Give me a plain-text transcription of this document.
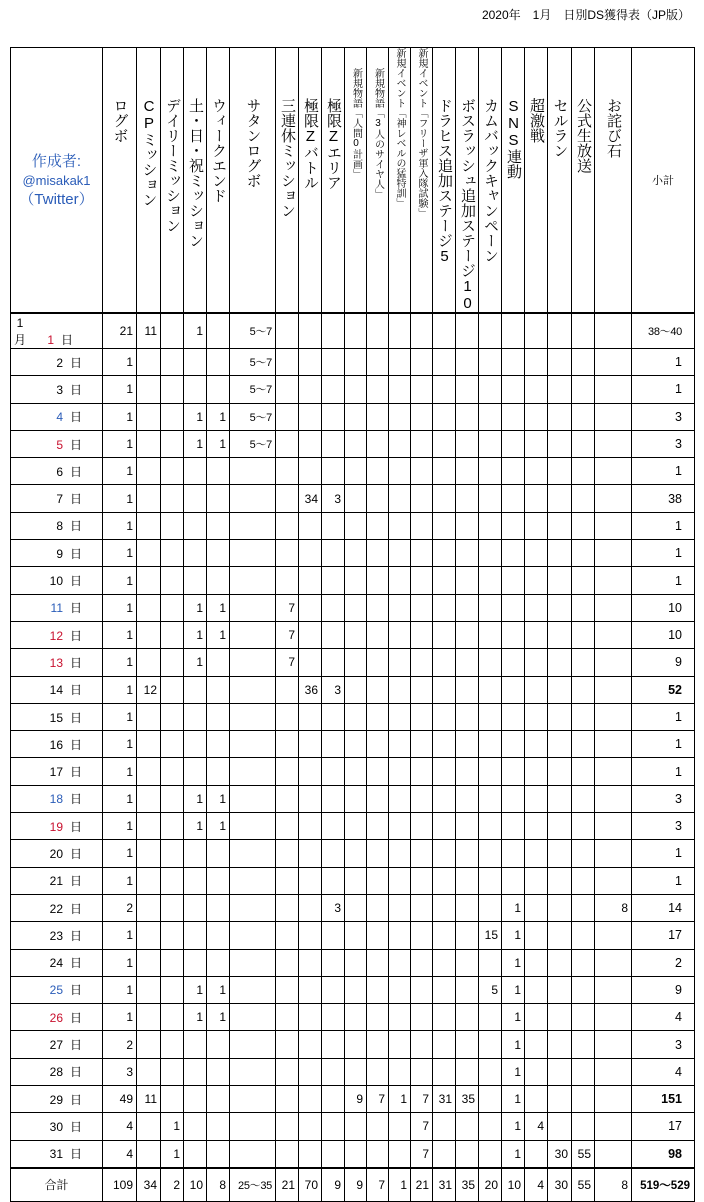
2020年　1月　日別DS獲得表（JP版）
作成者:
@misakak1
（Twitter）	ログボ	CPミッション	デイリーミッション	土・日・祝ミッション	ウィークエンド	サタンログボ	三連休ミッション	極限Zバトル	極限Zエリア	新規物語「人間0計画」	新規物語「3人のサイヤ人」	新規イベント「神レベルの猛特訓」	新規イベント「フリーザ軍入隊試験」	ドラヒス追加ステージ5	ボスラッシュ追加ステージ10	カムバックキャンペーン	SNS連動	超激戦	セルラン	公式生放送	お詫び石	小計
1　月 1 日	21	11		1		5～7																38～40
2 日	1					5～7																1
3 日	1					5～7																1
4 日	1			1	1	5～7																3
5 日	1			1	1	5～7																3
6 日	1																					1
7 日	1							34	3													38
8 日	1																					1
9 日	1																					1
10 日	1																					1
11 日	1			1	1		7															10
12 日	1			1	1		7															10
13 日	1			1			7															9
14 日	1	12						36	3													52
15 日	1																					1
16 日	1																					1
17 日	1																					1
18 日	1			1	1																	3
19 日	1			1	1																	3
20 日	1																					1
21 日	1																					1
22 日	2								3								1				8	14
23 日	1															15	1					17
24 日	1																1					2
25 日	1			1	1											5	1					9
26 日	1			1	1												1					4
27 日	2																1					3
28 日	3																1					4
29 日	49	11								9	7	1	7	31	35		1					151
30 日	4		1										7				1	4				17
31 日	4		1										7				1		30	55		98
合計	109	34	2	10	8	25～35	21	70	9	9	7	1	21	31	35	20	10	4	30	55	8	519～529
